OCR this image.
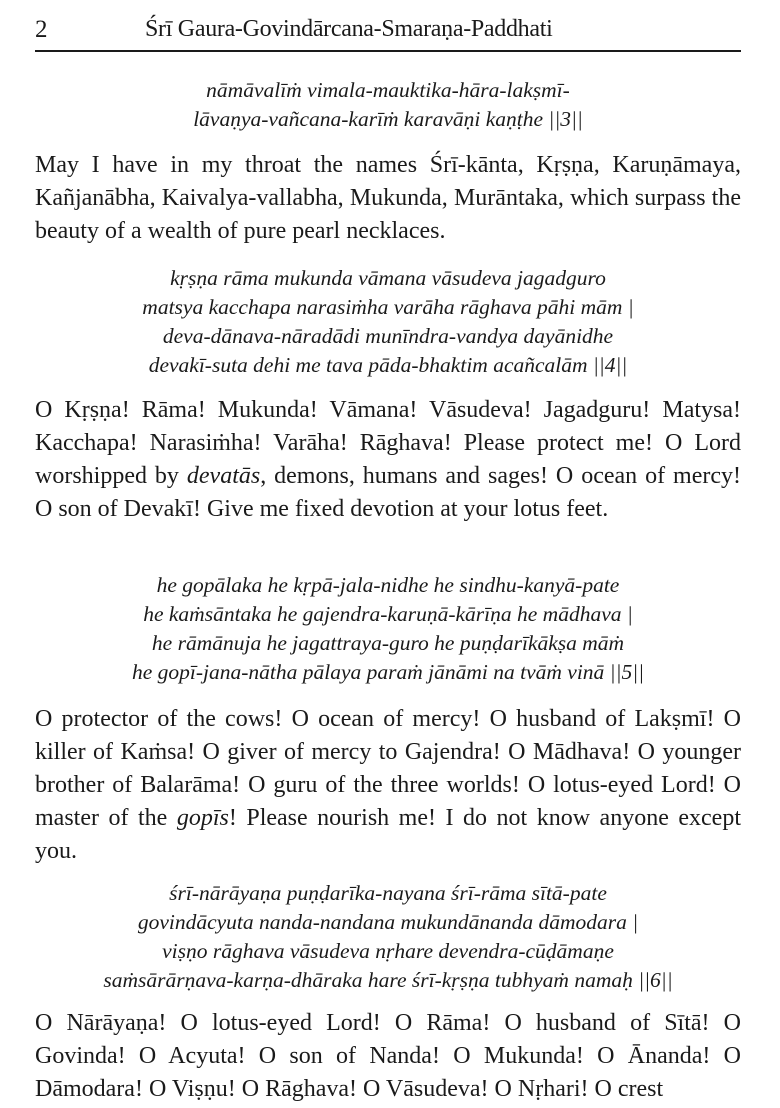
2	Śrī Gaura-Govindārcana-Smaraṇa-Paddhati
nāmāvalīṁ vimala-mauktika-hāra-lakṣmī-
lāvaṇya-vañcana-karīṁ karavāṇi kaṇṭhe ||3||
May I have in my throat the names Śrī-kānta, Kṛṣṇa, Karuṇāmaya, Kañjanābha, Kaivalya-vallabha, Mukunda, Murāntaka, which surpass the beauty of a wealth of pure pearl necklaces.
kṛṣṇa rāma mukunda vāmana vāsudeva jagadguro
matsya kacchapa narasiṁha varāha rāghava pāhi mām |
deva-dānava-nāradādi munīndra-vandya dayānidhe
devakī-suta dehi me tava pāda-bhaktim acañcalām ||4||
O Kṛṣṇa! Rāma! Mukunda! Vāmana! Vāsudeva! Jagadguru! Matysa! Kacchapa! Narasiṁha! Varāha! Rāghava! Please protect me! O Lord worshipped by devatās, demons, humans and sages! O ocean of mercy! O son of Devakī! Give me fixed devotion at your lotus feet.
he gopālaka he kṛpā-jala-nidhe he sindhu-kanyā-pate
he kaṁsāntaka he gajendra-karuṇā-kārīṇa he mādhava |
he rāmānuja he jagattraya-guro he puṇḍarīkākṣa māṁ
he gopī-jana-nātha pālaya paraṁ jānāmi na tvāṁ vinā ||5||
O protector of the cows! O ocean of mercy! O husband of Lakṣmī! O killer of Kaṁsa! O giver of mercy to Gajendra! O Mādhava! O younger brother of Balarāma! O guru of the three worlds! O lotus-eyed Lord! O master of the gopīs! Please nourish me! I do not know anyone except you.
śrī-nārāyaṇa puṇḍarīka-nayana śrī-rāma sītā-pate
govindācyuta nanda-nandana mukundānanda dāmodara |
viṣṇo rāghava vāsudeva nṛhare devendra-cūḍāmaṇe
saṁsārārṇava-karṇa-dhāraka hare śrī-kṛṣṇa tubhyaṁ namaḥ ||6||
O Nārāyaṇa! O lotus-eyed Lord! O Rāma! O husband of Sītā! O Govinda! O Acyuta! O son of Nanda! O Mukunda! O Ānanda! O Dāmodara! O Viṣṇu! O Rāghava! O Vāsudeva! O Nṛhari! O crest
